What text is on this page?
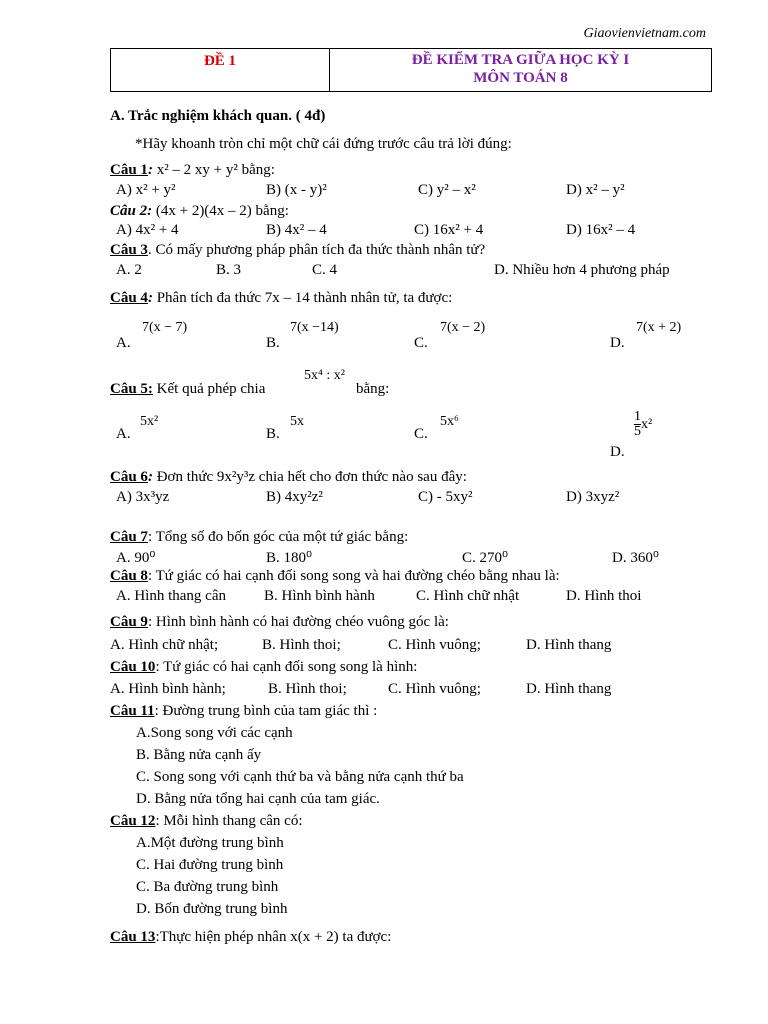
Giaovienvietnam.com
ĐỀ 1	ĐỀ KIỂM TRA GIỮA HỌC KỲ I
MÔN TOÁN 8
A. Trắc nghiệm khách quan. ( 4đ)
*Hãy khoanh tròn chỉ một chữ cái đứng trước câu trả lời đúng:
Câu 1: x² – 2 xy + y² bằng:
A) x² + y²	B) (x - y)²	C) y² – x²	D) x² – y²
Câu 2: (4x + 2)(4x – 2) bằng:
A) 4x² + 4	B) 4x² – 4	C) 16x² + 4	D) 16x² – 4
Câu 3. Có mấy phương pháp phân tích đa thức thành nhân tử?
A. 2	B. 3	C. 4	D. Nhiều hơn 4 phương pháp
Câu 4: Phân tích đa thức 7x – 14 thành nhân tử, ta được:
7(x − 7)	7(x −14)	7(x − 2)	7(x + 2)
A.	B.	C.	D.
Câu 5: Kết quả phép chia
5x⁴ : x²
bằng:
5x²	5x	5x⁶	$\frac{1}{5} x^2$
A.	B.	C.
D.
Câu 6: Đơn thức 9x²y³z chia hết cho đơn thức nào sau đây:
A) 3x³yz	B) 4xy²z²	C) - 5xy²	D) 3xyz²
Câu 7: Tổng số đo bốn góc của một tứ giác bằng:
A. 90⁰	B. 180⁰	C. 270⁰	D. 360⁰
Câu 8: Tứ giác có hai cạnh đối song song và hai đường chéo bằng nhau là:
A. Hình thang cân	B. Hình bình hành	C. Hình chữ nhật	D. Hình thoi
Câu 9: Hình bình hành có hai đường chéo vuông góc là:
A. Hình chữ nhật;	B. Hình thoi;	C. Hình vuông;	D. Hình thang
Câu 10: Tứ giác có hai cạnh đối song song là hình:
A. Hình bình hành;	B. Hình thoi;	C. Hình vuông;	D. Hình thang
Câu 11: Đường trung bình của tam giác thì :
A.Song song với các cạnh
B. Bằng nửa cạnh ấy
C. Song song với cạnh thứ ba và bằng nửa cạnh thứ ba
D. Bằng nửa tổng hai cạnh của tam giác.
Câu 12: Mỗi hình thang cân có:
A.Một đường trung bình
C. Hai đường trung bình
C. Ba đường trung bình
D. Bốn đường trung bình
Câu 13:Thực hiện phép nhân x(x + 2) ta được:
